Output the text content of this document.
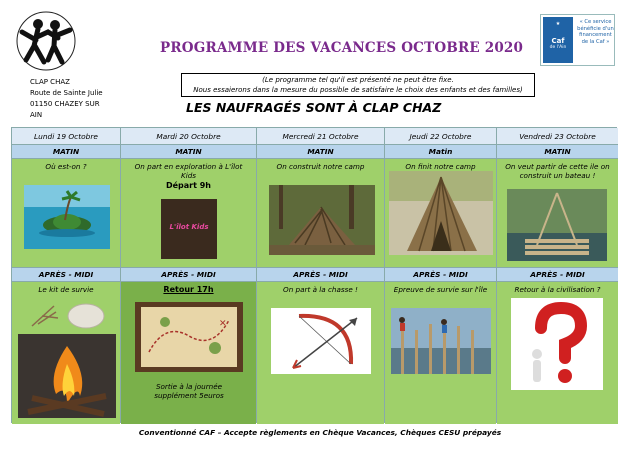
★
Caf
de l'Ain
« Ce service bénéficie d'un financement de la Caf »
PROGRAMME DES VACANCES OCTOBRE 2020
CLAP CHAZ
Route de Sainte Julie
01150 CHAZEY SUR
AIN
(Le programme tel qu'il est présenté ne peut être fixe.
Nous essaierons dans la mesure du possible de satisfaire le choix des enfants et des familles)
LES NAUFRAGÉS SONT À CLAP CHAZ
Lundi 19 Octobre
MATIN
Où est-on ?
APRÈS - MIDI
Le kit de survie
Mardi 20 Octobre
MATIN
On part en exploration à L'îlot Kids
Départ 9h
L'îlot Kids
APRÈS - MIDI
Retour 17h
✕
Sortie à la journée supplément 5euros
Mercredi 21 Octobre
MATIN
On construit notre camp
APRÈS - MIDI
On part à la chasse !
Jeudi 22 Octobre
Matin
On finit notre camp
APRÈS - MIDI
Epreuve de survie sur l'île
Vendredi 23 Octobre
MATIN
On veut partir de cette ile on construit un bateau !
APRÈS - MIDI
Retour à la civilisation ?
Conventionné CAF – Accepte règlements en Chèque Vacances, Chèques CESU prépayés
